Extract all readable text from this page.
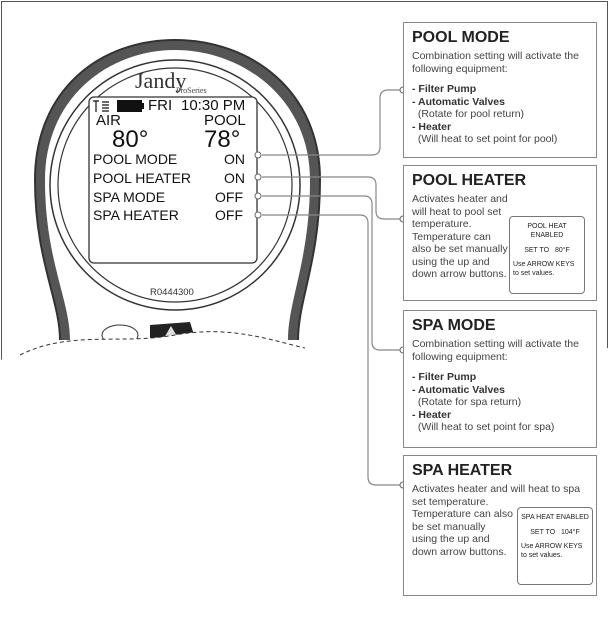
Jandy
ProSeries
FRI 10:30 PM
AIR	POOL
80° 78°
POOL MODE	ON
POOL HEATER ON
SPA MODE	OFF
SPA HEATER	OFF
R0444300
POOL MODE

Combination setting will activate the following equipment:

- Filter Pump
- Automatic Valves
(Rotate for pool return)
- Heater
(Will heat to set point for pool)
POOL HEATER

Activates heater and will heat to pool set temperature. Temperature can also be set manually using the up and down arrow buttons.

POOL HEAT ENABLED
SET TO 80°F
Use ARROW KEYS to set values.
SPA MODE

Combination setting will activate the following equipment:

- Filter Pump
- Automatic Valves
(Rotate for spa return)
- Heater
(Will heat to set point for spa)
SPA HEATER
SPA HEAT ENABLED
SET TO 104°F
Use ARROW KEYS to set values.

Activates heater and will heat to spa set temperature. Temperature can also be set manually using the up and down arrow buttons.
